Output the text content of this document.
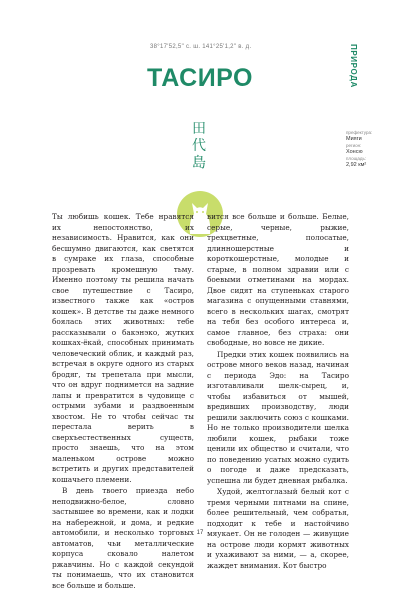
38°17'52,5" с. ш. 141°25'1,2" в. д.	ПРИРОДА
ТАСИРО
田
代
島
префектура:
Мияги
регион:
Хонсю
площадь:
2,92 км²

Ты любишь кошек. Тебе нравятся их непостоянство, их независимость. Нравится, как они бесшумно двигаются, как светятся в сумраке их глаза, способные прозревать кромешную тьму. Именно поэтому ты решила начать свое путешествие с Тасиро, известного также как «остров кошек». В детстве ты даже немного боялась этих животных: тебе рассказывали о бакэнэко, жутких кошках-ёкай, способных принимать человеческий облик, и каждый раз, встречая в округе одного из старых бродяг, ты трепетала при мысли, что он вдруг поднимется на задние лапы и превратится в чудовище с острыми зубами и раздвоенным хвостом. Не то чтобы сейчас ты перестала верить в сверхъестественных существ, просто знаешь, что на этом маленьком острове можно встретить и других представителей кошачьего племени.

В день твоего приезда небо неподвижно-белое, словно застывшее во времени, как и лодки на набережной, и дома, и редкие автомобили, и несколько торговых автоматов, чьи металлические корпуса сковало налетом ржавчины. Но с каждой секундой ты понимаешь, что их становится все больше и больше.

вится все больше и больше. Белые, серые, черные, рыжие, трехцветные, полосатые, длинношерстные и короткошерстные, молодые и старые, в полном здравии или с боевыми отметинами на мордах. Двое сидят на ступеньках старого магазина с опущенными ставнями, всего в нескольких шагах, смотрят на тебя без особого интереса и, самое главное, без страха: они свободные, но вовсе не дикие.

Предки этих кошек появились на острове много веков назад, начиная с периода Эдо: на Тасиро изготавливали шелк-сырец, и, чтобы избавиться от мышей, вредивших производству, люди решили заключить союз с кошками. Но не только производители шелка любили кошек, рыбаки тоже ценили их общество и считали, что по поведению усатых можно судить о погоде и даже предсказать, успешна ли будет дневная рыбалка.

Худой, желтоглазый белый кот с тремя черными пятнами на спине, более решительный, чем собратья, подходит к тебе и настойчиво мяукает. Он не голоден — живущие на острове люди кормят животных и ухаживают за ними, — а, скорее, жаждет внимания. Кот быстро

17
